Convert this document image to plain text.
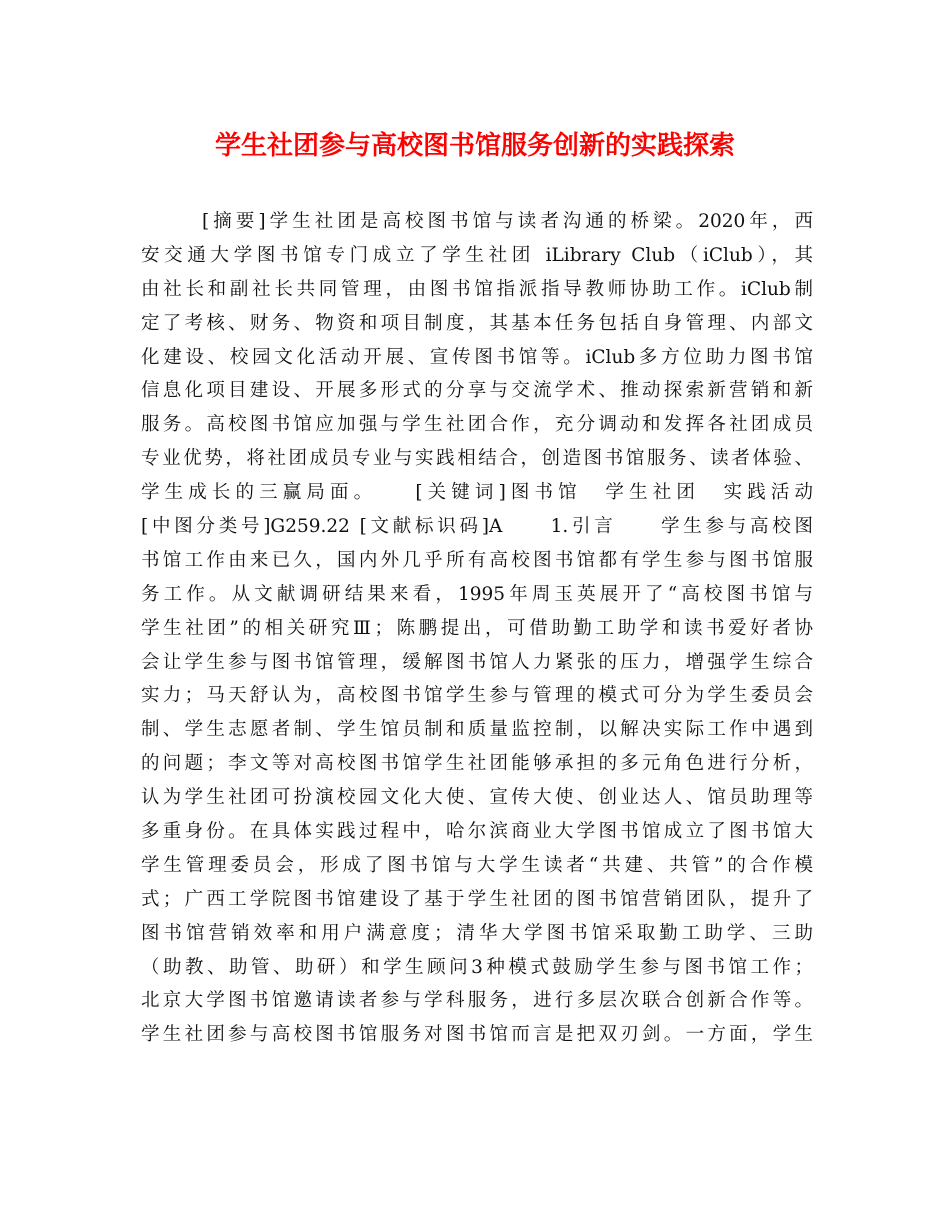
学生社团参与高校图书馆服务创新的实践探索
[摘要]学生社团是高校图书馆与读者沟通的桥梁。2020年，西
安交通大学图书馆专门成立了学生社团 iLibrary Club（iClub），其
由社长和副社长共同管理，由图书馆指派指导教师协助工作。iClub制
定了考核、财务、物资和项目制度，其基本任务包括自身管理、内部文
化建设、校园文化活动开展、宣传图书馆等。iClub多方位助力图书馆
信息化项目建设、开展多形式的分享与交流学术、推动探索新营销和新
服务。高校图书馆应加强与学生社团合作，充分调动和发挥各社团成员
专业优势，将社团成员专业与实践相结合，创造图书馆服务、读者体验、
学生成长的三赢局面。　　[关键词]图书馆　学生社团　实践活动
[中图分类号]G259.22 [文献标识码]A　　1.引言　　学生参与高校图
书馆工作由来已久，国内外几乎所有高校图书馆都有学生参与图书馆服
务工作。从文献调研结果来看，1995年周玉英展开了“高校图书馆与
学生社团”的相关研究Ⅲ；陈鹏提出，可借助勤工助学和读书爱好者协
会让学生参与图书馆管理，缓解图书馆人力紧张的压力，增强学生综合
实力；马天舒认为，高校图书馆学生参与管理的模式可分为学生委员会
制、学生志愿者制、学生馆员制和质量监控制，以解决实际工作中遇到
的问题；李文等对高校图书馆学生社团能够承担的多元角色进行分析，
认为学生社团可扮演校园文化大使、宣传大使、创业达人、馆员助理等
多重身份。在具体实践过程中，哈尔滨商业大学图书馆成立了图书馆大
学生管理委员会，形成了图书馆与大学生读者“共建、共管”的合作模
式；广西工学院图书馆建设了基于学生社团的图书馆营销团队，提升了
图书馆营销效率和用户满意度；清华大学图书馆采取勤工助学、三助
（助教、助管、助研）和学生顾问3种模式鼓励学生参与图书馆工作；
北京大学图书馆邀请读者参与学科服务，进行多层次联合创新合作等。
学生社团参与高校图书馆服务对图书馆而言是把双刃剑。一方面，学生
